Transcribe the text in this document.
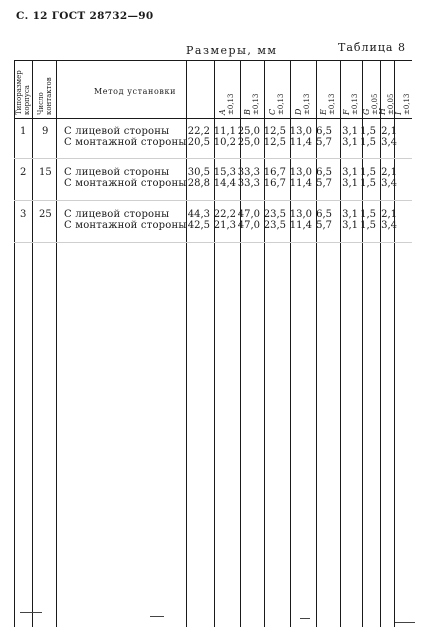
С. 12 ГОСТ 28732—90
Размеры, мм	Таблица 8
Типоразмер корпуса Число контактов	Метод установки
A ±0,13 B ±0,13 C ±0,13 D ±0,13 E ±0,13 F ±0,13 G ±0,05 H ±0,05 I ±0,13
1 9 С лицевой стороны 22,2 11,1 25,0 12,5 13,0 6,5 3,1 1,5 2,1
С монтажной стороны 20,5 10,2 25,0 12,5 11,4 5,7 3,1 1,5 3,4
2 15 С лицевой стороны 30,5 15,3 33,3 16,7 13,0 6,5 3,1 1,5 2,1
С монтажной стороны 28,8 14,4 33,3 16,7 11,4 5,7 3,1 1,5 3,4
3 25 С лицевой стороны 44,3 22,2 47,0 23,5 13,0 6,5 3,1 1,5 2,1
С монтажной стороны 42,5 21,3 47,0 23,5 11,4 5,7 3,1 1,5 3,4
